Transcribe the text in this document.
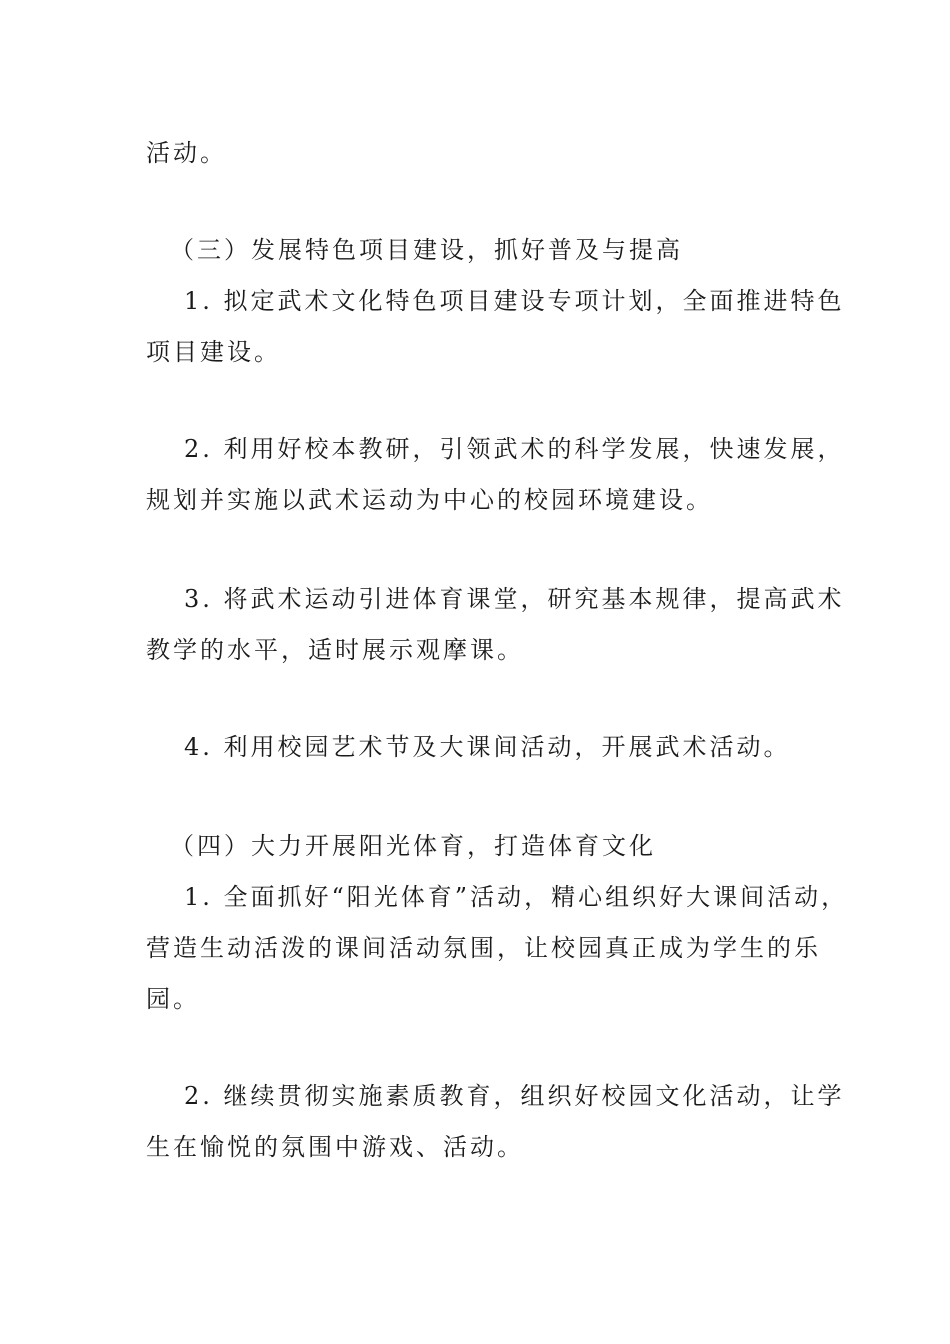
活动。
（三）发展特色项目建设，抓好普及与提高
1. 拟定武术文化特色项目建设专项计划，全面推进特色
项目建设。
2. 利用好校本教研，引领武术的科学发展，快速发展，
规划并实施以武术运动为中心的校园环境建设。
3. 将武术运动引进体育课堂，研究基本规律，提高武术
教学的水平，适时展示观摩课。
4. 利用校园艺术节及大课间活动，开展武术活动。
（四）大力开展阳光体育，打造体育文化
1. 全面抓好“阳光体育”活动，精心组织好大课间活动，
营造生动活泼的课间活动氛围，让校园真正成为学生的乐
园。
2. 继续贯彻实施素质教育，组织好校园文化活动，让学
生在愉悦的氛围中游戏、活动。
